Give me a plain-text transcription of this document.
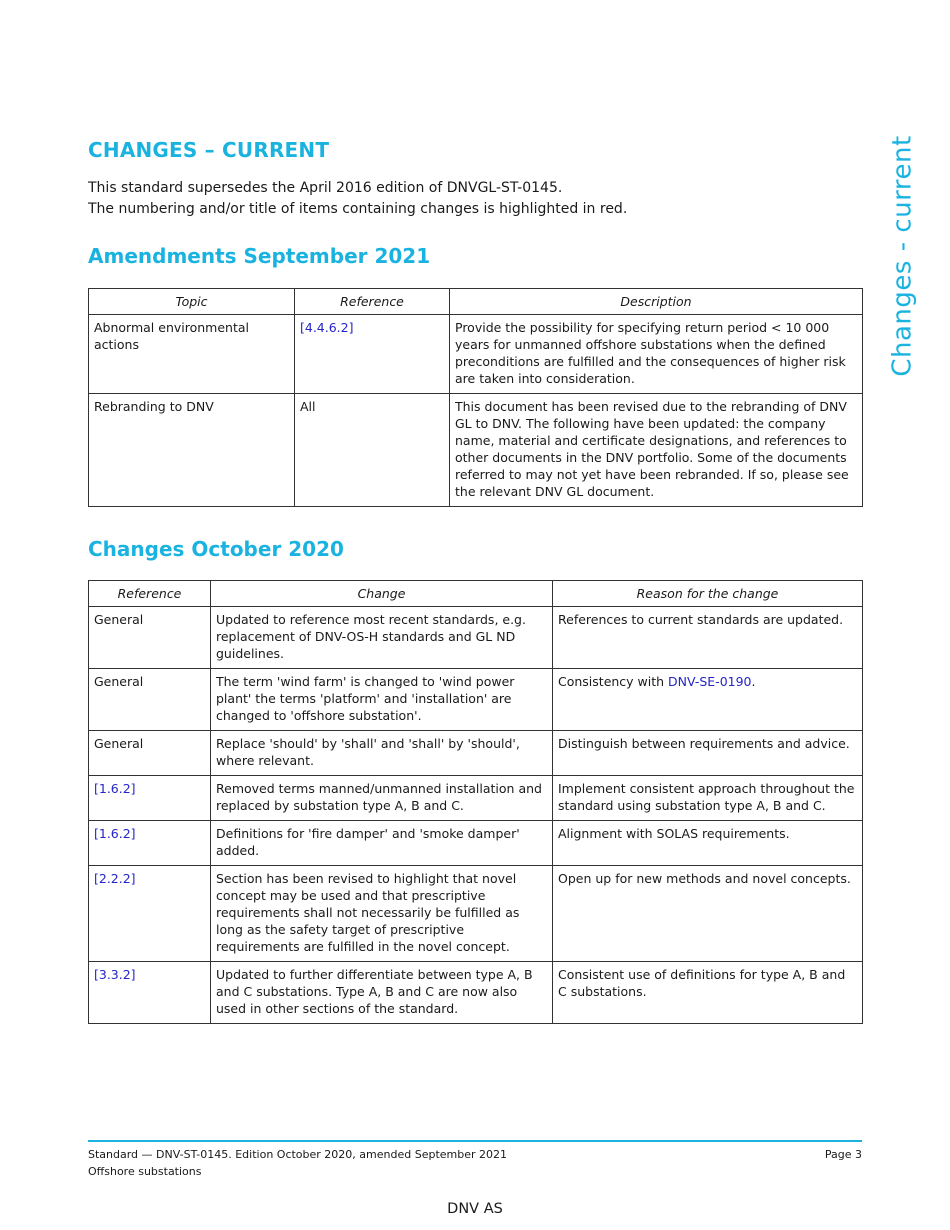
Changes - current
CHANGES – CURRENT

This standard supersedes the April 2016 edition of DNVGL-ST-0145.

The numbering and/or title of items containing changes is highlighted in red.

Amendments September 2021
Topic	Reference	Description
Abnormal environmental actions	[4.4.6.2]	Provide the possibility for specifying return period < 10 000 years for unmanned offshore substations when the defined preconditions are fulfilled and the consequences of higher risk are taken into consideration.
Rebranding to DNV	All	This document has been revised due to the rebranding of DNV GL to DNV. The following have been updated: the company name, material and certificate designations, and references to other documents in the DNV portfolio. Some of the documents referred to may not yet have been rebranded. If so, please see the relevant DNV GL document.
Changes October 2020
Reference	Change	Reason for the change
General	Updated to reference most recent standards, e.g. replacement of DNV-OS-H standards and GL ND guidelines.	References to current standards are updated.
General	The term 'wind farm' is changed to 'wind power plant' the terms 'platform' and 'installation' are changed to 'offshore substation'.	Consistency with DNV-SE-0190.
General	Replace 'should' by 'shall' and 'shall' by 'should', where relevant.	Distinguish between requirements and advice.
[1.6.2]	Removed terms manned/unmanned installation and replaced by substation type A, B and C.	Implement consistent approach throughout the standard using substation type A, B and C.
[1.6.2]	Definitions for 'fire damper' and 'smoke damper' added.	Alignment with SOLAS requirements.
[2.2.2]	Section has been revised to highlight that novel concept may be used and that prescriptive requirements shall not necessarily be fulfilled as long as the safety target of prescriptive requirements are fulfilled in the novel concept.	Open up for new methods and novel concepts.
[3.3.2]	Updated to further differentiate between type A, B and C substations. Type A, B and C are now also used in other sections of the standard.	Consistent use of definitions for type A, B and C substations.
Standard — DNV-ST-0145. Edition October 2020, amended September 2021
Offshore substations
Page 3
DNV AS
